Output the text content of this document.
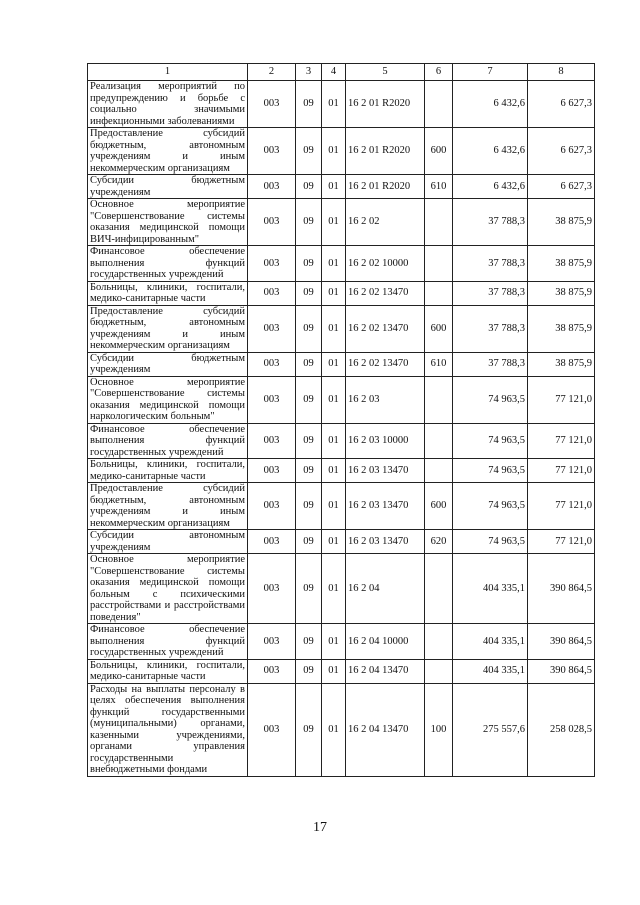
1	2	3	4	5	6	7	8
Реализация мероприятий по предупреждению и борьбе с социально значимыми инфекционными заболеваниями	003	09	01	16 2 01 R2020		6 432,6	6 627,3
Предоставление субсидий бюджетным, автономным учреждениям и иным некоммерческим организациям	003	09	01	16 2 01 R2020	600	6 432,6	6 627,3
Субсидии бюджетным учреждениям	003	09	01	16 2 01 R2020	610	6 432,6	6 627,3
Основное мероприятие "Совершенствование системы оказания медицинской помощи ВИЧ-инфицированным"	003	09	01	16 2 02		37 788,3	38 875,9
Финансовое обеспечение выполнения функций государственных учреждений	003	09	01	16 2 02 10000		37 788,3	38 875,9
Больницы, клиники, госпитали, медико-санитарные части	003	09	01	16 2 02 13470		37 788,3	38 875,9
Предоставление субсидий бюджетным, автономным учреждениям и иным некоммерческим организациям	003	09	01	16 2 02 13470	600	37 788,3	38 875,9
Субсидии бюджетным учреждениям	003	09	01	16 2 02 13470	610	37 788,3	38 875,9
Основное мероприятие "Совершенствование системы оказания медицинской помощи наркологическим больным"	003	09	01	16 2 03		74 963,5	77 121,0
Финансовое обеспечение выполнения функций государственных учреждений	003	09	01	16 2 03 10000		74 963,5	77 121,0
Больницы, клиники, госпитали, медико-санитарные части	003	09	01	16 2 03 13470		74 963,5	77 121,0
Предоставление субсидий бюджетным, автономным учреждениям и иным некоммерческим организациям	003	09	01	16 2 03 13470	600	74 963,5	77 121,0
Субсидии автономным учреждениям	003	09	01	16 2 03 13470	620	74 963,5	77 121,0
Основное мероприятие "Совершенствование системы оказания медицинской помощи больным с психическими расстройствами и расстройствами поведения"	003	09	01	16 2 04		404 335,1	390 864,5
Финансовое обеспечение выполнения функций государственных учреждений	003	09	01	16 2 04 10000		404 335,1	390 864,5
Больницы, клиники, госпитали, медико-санитарные части	003	09	01	16 2 04 13470		404 335,1	390 864,5
Расходы на выплаты персоналу в целях обеспечения выполнения функций государственными (муниципальными) органами, казенными учреждениями, органами управления государственными внебюджетными фондами	003	09	01	16 2 04 13470	100	275 557,6	258 028,5
17
